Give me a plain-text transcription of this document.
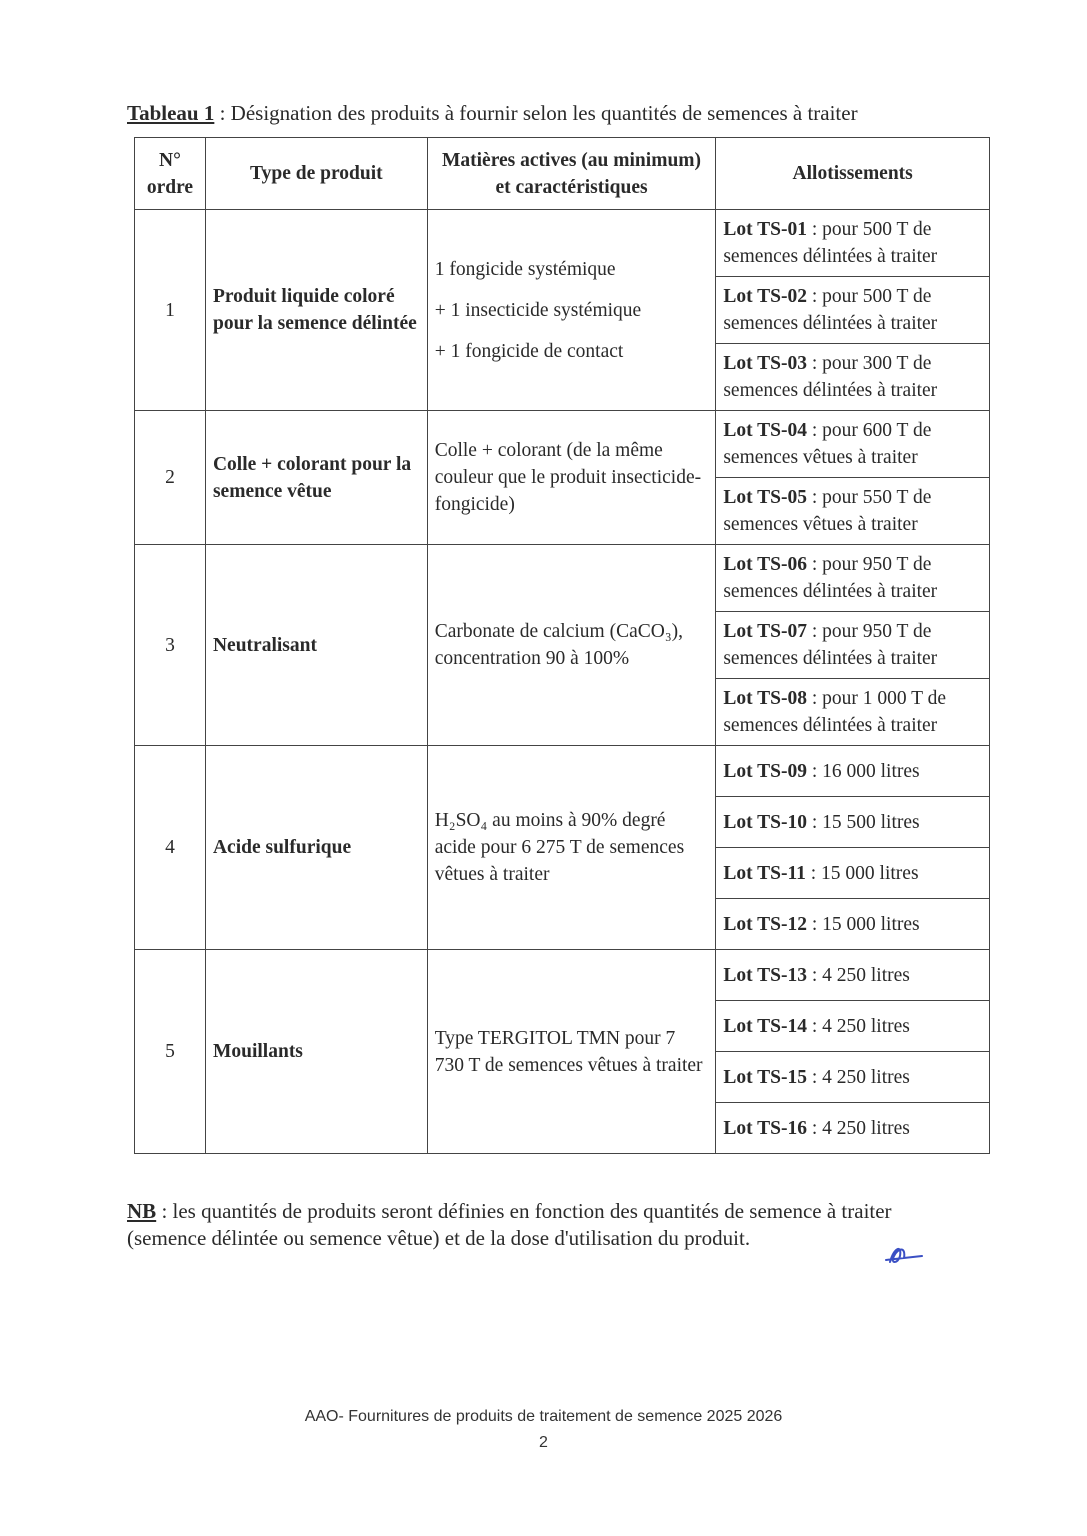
Tableau 1 : Désignation des produits à fournir selon les quantités de semences à traiter
N° ordre	Type de produit	Matières actives (au minimum) et caractéristiques	Allotissements
1	Produit liquide coloré pour la semence délintée	1 fongicide systémique

+ 1 insecticide systémique

+ 1 fongicide de contact	Lot TS-01 : pour 500 T de semences délintées à traiter
			Lot TS-02 : pour 500 T de semences délintées à traiter
			Lot TS-03 : pour 300 T de semences délintées à traiter
2	Colle + colorant pour la semence vêtue	Colle + colorant (de la même couleur que le produit insecticide-fongicide)	Lot TS-04 : pour 600 T de semences vêtues à traiter
			Lot TS-05 : pour 550 T de semences vêtues à traiter
3	Neutralisant	Carbonate de calcium (CaCO₃), concentration 90 à 100%	Lot TS-06 : pour 950 T de semences délintées à traiter
			Lot TS-07 : pour 950 T de semences délintées à traiter
			Lot TS-08 : pour 1 000 T de semences délintées à traiter
4	Acide sulfurique	H₂SO₄ au moins à 90% degré acide pour 6 275 T de semences vêtues à traiter	Lot TS-09 : 16 000 litres
			Lot TS-10 : 15 500 litres
			Lot TS-11 : 15 000 litres
			Lot TS-12 : 15 000 litres
5	Mouillants	Type TERGITOL TMN pour 7 730 T de semences vêtues à traiter	Lot TS-13 : 4 250 litres
			Lot TS-14 : 4 250 litres
			Lot TS-15 : 4 250 litres
			Lot TS-16 : 4 250 litres
NB : les quantités de produits seront définies en fonction des quantités de semence à traiter (semence délintée ou semence vêtue) et de la dose d'utilisation du produit.
AAO- Fournitures de produits de traitement de semence 2025 2026
2
